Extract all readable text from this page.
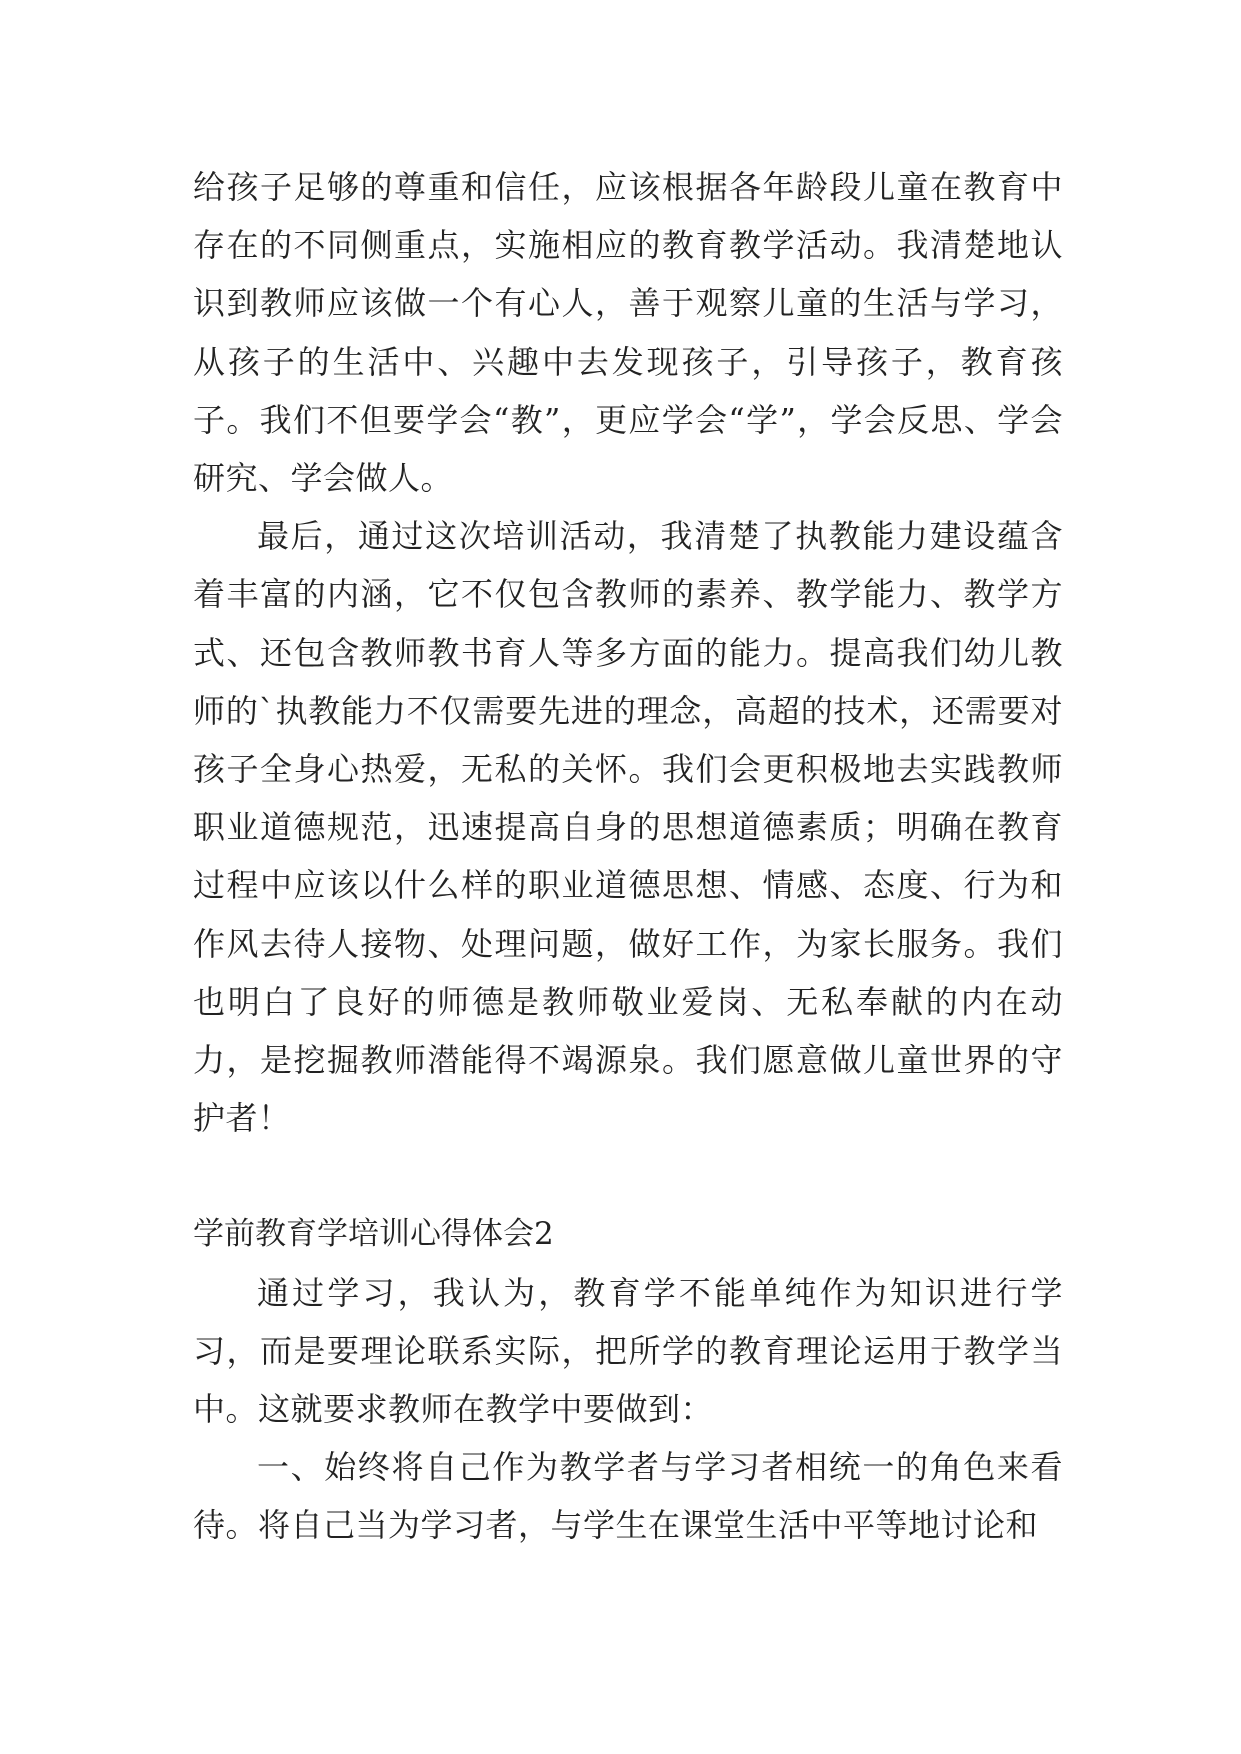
给孩子足够的尊重和信任，应该根据各年龄段儿童在教育中存在的不同侧重点，实施相应的教育教学活动。我清楚地认识到教师应该做一个有心人，善于观察儿童的生活与学习，从孩子的生活中、兴趣中去发现孩子，引导孩子，教育孩子。我们不但要学会“教”，更应学会“学”，学会反思、学会研究、学会做人。

最后，通过这次培训活动，我清楚了执教能力建设蕴含着丰富的内涵，它不仅包含教师的素养、教学能力、教学方式、还包含教师教书育人等多方面的能力。提高我们幼儿教师的`执教能力不仅需要先进的理念，高超的技术，还需要对孩子全身心热爱，无私的关怀。我们会更积极地去实践教师职业道德规范，迅速提高自身的思想道德素质；明确在教育过程中应该以什么样的职业道德思想、情感、态度、行为和作风去待人接物、处理问题，做好工作，为家长服务。我们也明白了良好的师德是教师敬业爱岗、无私奉献的内在动力，是挖掘教师潜能得不竭源泉。我们愿意做儿童世界的守护者！

学前教育学培训心得体会2

通过学习，我认为，教育学不能单纯作为知识进行学习，而是要理论联系实际，把所学的教育理论运用于教学当中。这就要求教师在教学中要做到：

一、始终将自己作为教学者与学习者相统一的角色来看待。将自己当为学习者，与学生在课堂生活中平等地讨论和
